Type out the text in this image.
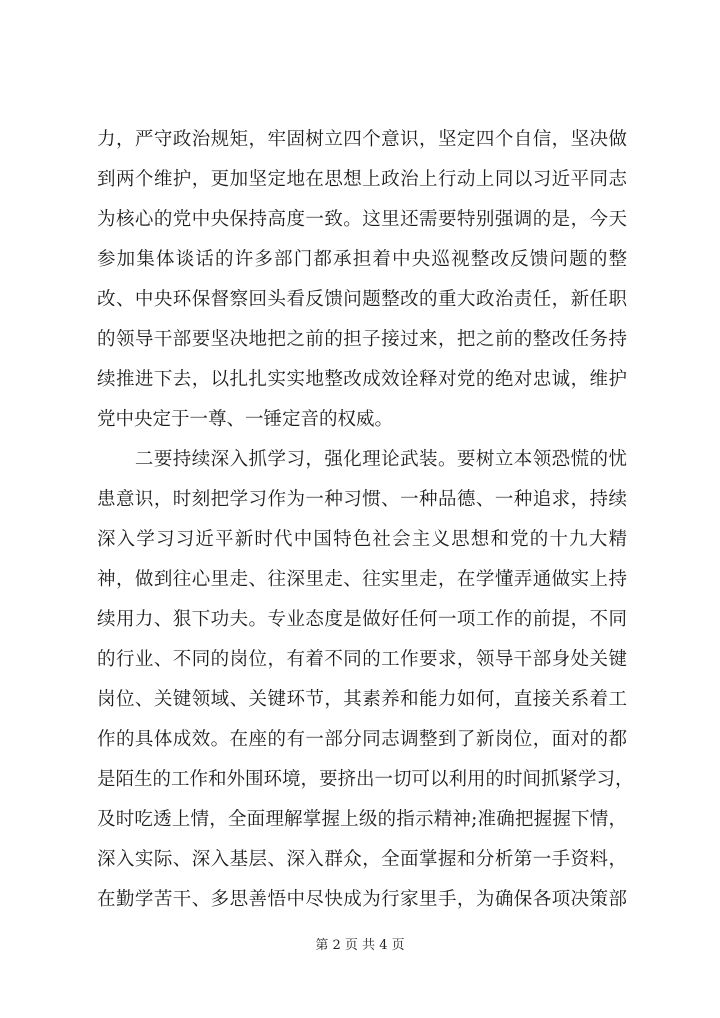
力，严守政治规矩，牢固树立四个意识，坚定四个自信，坚决做
到两个维护，更加坚定地在思想上政治上行动上同以习近平同志
为核心的党中央保持高度一致。这里还需要特别强调的是，今天
参加集体谈话的许多部门都承担着中央巡视整改反馈问题的整
改、中央环保督察回头看反馈问题整改的重大政治责任，新任职
的领导干部要坚决地把之前的担子接过来，把之前的整改任务持
续推进下去，以扎扎实实地整改成效诠释对党的绝对忠诚，维护
党中央定于一尊、一锤定音的权威。
　　二要持续深入抓学习，强化理论武装。要树立本领恐慌的忧
患意识，时刻把学习作为一种习惯、一种品德、一种追求，持续
深入学习习近平新时代中国特色社会主义思想和党的十九大精
神，做到往心里走、往深里走、往实里走，在学懂弄通做实上持
续用力、狠下功夫。专业态度是做好任何一项工作的前提，不同
的行业、不同的岗位，有着不同的工作要求，领导干部身处关键
岗位、关键领域、关键环节，其素养和能力如何，直接关系着工
作的具体成效。在座的有一部分同志调整到了新岗位，面对的都
是陌生的工作和外围环境，要挤出一切可以利用的时间抓紧学习，
及时吃透上情，全面理解掌握上级的指示精神;准确把握握下情，
深入实际、深入基层、深入群众，全面掌握和分析第一手资料，
在勤学苦干、多思善悟中尽快成为行家里手，为确保各项决策部
第 2 页 共 4 页
